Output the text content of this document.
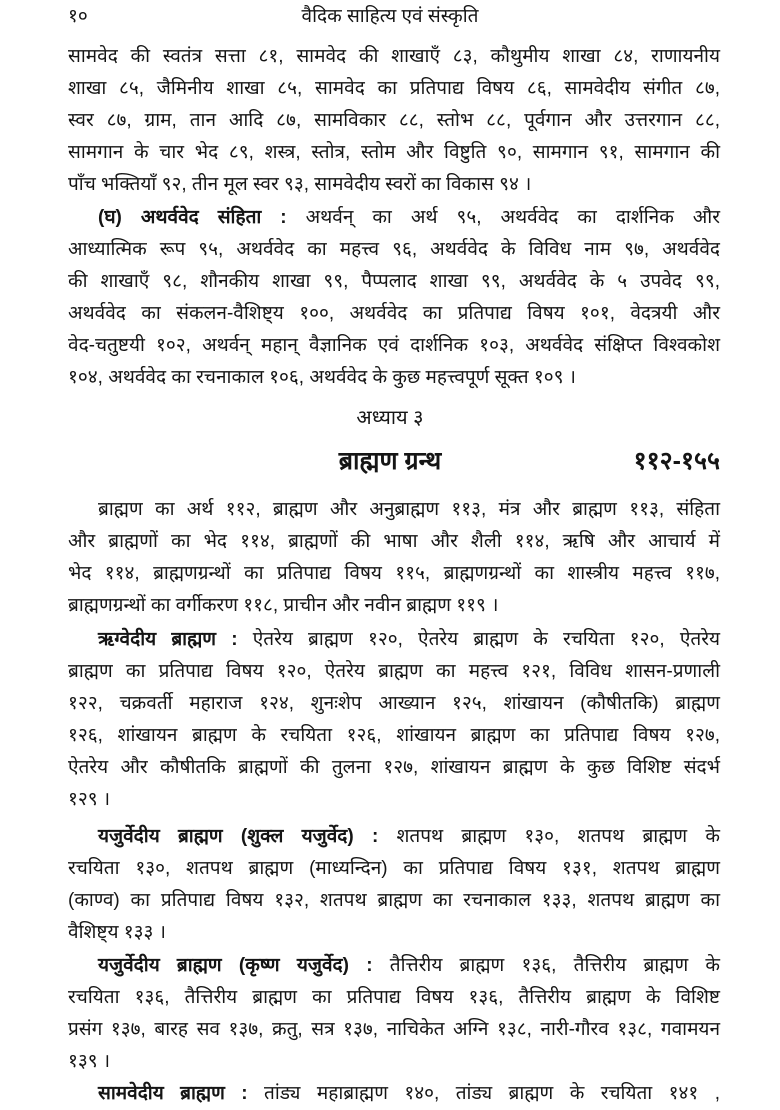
१०	वैदिक साहित्य एवं संस्कृति
अध्याय ३
ब्राह्मण ग्रन्थ	११२-१५५
सामवेद की स्वतंत्र सत्ता ८१, सामवेद की शाखाएँ ८३, कौथुमीय शाखा ८४, राणायनीय
शाखा ८५, जैमिनीय शाखा ८५, सामवेद का प्रतिपाद्य विषय ८६, सामवेदीय संगीत ८७,
स्वर ८७, ग्राम, तान आदि ८७, सामविकार ८८, स्तोभ ८८, पूर्वगान और उत्तरगान ८८,
सामगान के चार भेद ८९, शस्त्र, स्तोत्र, स्तोम और विष्टुति ९०, सामगान ९१, सामगान की
पाँच भक्तियाँ ९२, तीन मूल स्वर ९३, सामवेदीय स्वरों का विकास ९४ ।
(घ) अथर्ववेद संहिता : अथर्वन् का अर्थ ९५, अथर्ववेद का दार्शनिक और
आध्यात्मिक रूप ९५, अथर्ववेद का महत्त्व ९६, अथर्ववेद के विविध नाम ९७, अथर्ववेद
की शाखाएँ ९८, शौनकीय शाखा ९९, पैप्पलाद शाखा ९९, अथर्ववेद के ५ उपवेद ९९,
अथर्ववेद का संकलन-वैशिष्ट्य १००, अथर्ववेद का प्रतिपाद्य विषय १०१, वेदत्रयी और
वेद-चतुष्टयी १०२, अथर्वन् महान् वैज्ञानिक एवं दार्शनिक १०३, अथर्ववेद संक्षिप्त विश्वकोश
१०४, अथर्ववेद का रचनाकाल १०६, अथर्ववेद के कुछ महत्त्वपूर्ण सूक्त १०९ ।
ब्राह्मण का अर्थ ११२, ब्राह्मण और अनुब्राह्मण ११३, मंत्र और ब्राह्मण ११३, संहिता
और ब्राह्मणों का भेद ११४, ब्राह्मणों की भाषा और शैली ११४, ऋषि और आचार्य में
भेद ११४, ब्राह्मणग्रन्थों का प्रतिपाद्य विषय ११५, ब्राह्मणग्रन्थों का शास्त्रीय महत्त्व ११७,
ब्राह्मणग्रन्थों का वर्गीकरण ११८, प्राचीन और नवीन ब्राह्मण ११९ ।
ऋग्वेदीय ब्राह्मण : ऐतरेय ब्राह्मण १२०, ऐतरेय ब्राह्मण के रचयिता १२०, ऐतरेय
ब्राह्मण का प्रतिपाद्य विषय १२०, ऐतरेय ब्राह्मण का महत्त्व १२१, विविध शासन-प्रणाली
१२२, चक्रवर्ती महाराज १२४, शुनःशेप आख्यान १२५, शांखायन (कौषीतकि) ब्राह्मण
१२६, शांखायन ब्राह्मण के रचयिता १२६, शांखायन ब्राह्मण का प्रतिपाद्य विषय १२७,
ऐतरेय और कौषीतकि ब्राह्मणों की तुलना १२७, शांखायन ब्राह्मण के कुछ विशिष्ट संदर्भ
१२९ ।
यजुर्वेदीय ब्राह्मण (शुक्ल यजुर्वेद) : शतपथ ब्राह्मण १३०, शतपथ ब्राह्मण के
रचयिता १३०, शतपथ ब्राह्मण (माध्यन्दिन) का प्रतिपाद्य विषय १३१, शतपथ ब्राह्मण
(काण्व) का प्रतिपाद्य विषय १३२, शतपथ ब्राह्मण का रचनाकाल १३३, शतपथ ब्राह्मण का
वैशिष्ट्य १३३ ।
यजुर्वेदीय ब्राह्मण (कृष्ण यजुर्वेद) : तैत्तिरीय ब्राह्मण १३६, तैत्तिरीय ब्राह्मण के
रचयिता १३६, तैत्तिरीय ब्राह्मण का प्रतिपाद्य विषय १३६, तैत्तिरीय ब्राह्मण के विशिष्ट
प्रसंग १३७, बारह सव १३७, क्रतु, सत्र १३७, नाचिकेत अग्नि १३८, नारी-गौरव १३८, गवामयन
१३९ ।
सामवेदीय ब्राह्मण : तांड्य महाब्राह्मण १४०, तांड्य ब्राह्मण के रचयिता १४१ ,
